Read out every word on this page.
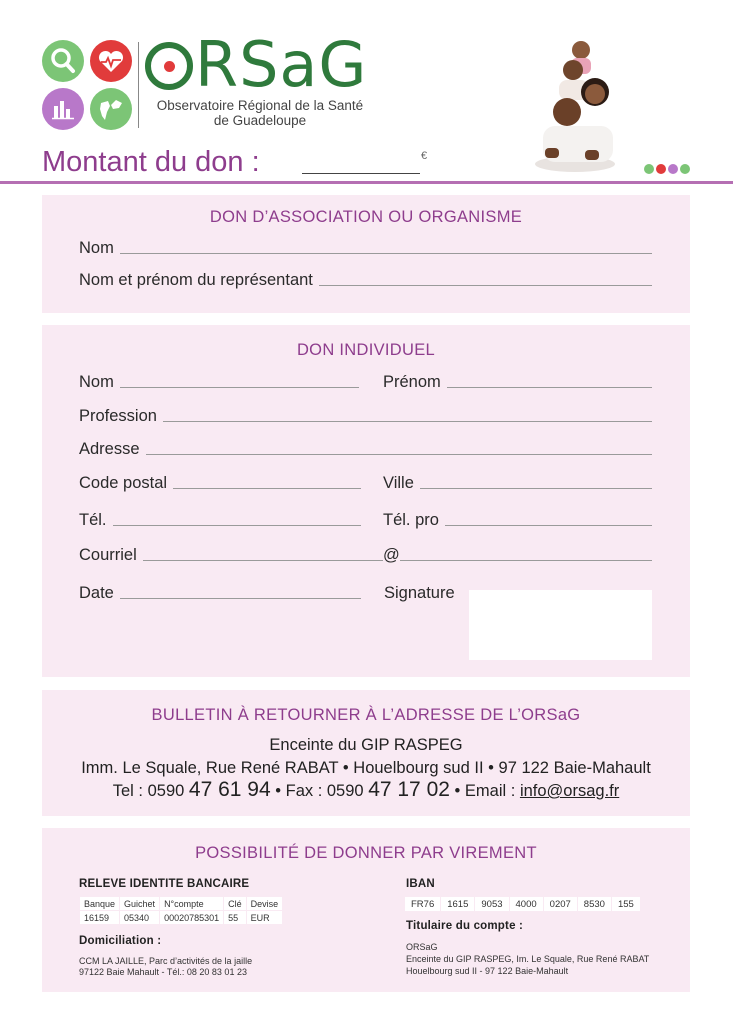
RSaG
Observatoire Régional de la Santé
de Guadeloupe
Montant du don :	€
DON D’ASSOCIATION OU ORGANISME
Nom
Nom et prénom du représentant
DON INDIVIDUEL
Nom	Prénom
Profession
Adresse
Code postal	Ville
Tél.	Tél. pro
Courriel	@
Date	Signature
BULLETIN À RETOURNER À L’ADRESSE DE L’ORSaG
Enceinte du GIP RASPEG
Imm. Le Squale, Rue René RABAT • Houelbourg sud II • 97 122 Baie-Mahault
Tel : 0590 47 61 94 • Fax : 0590 47 17 02 • Email : info@orsag.fr
POSSIBILITÉ DE DONNER PAR VIREMENT
RELEVE IDENTITE BANCAIRE
Banque	Guichet	N°compte	Clé	Devise
16159	05340	00020785301	55	EUR
Domiciliation :
CCM LA JAILLE, Parc d’activités de la jaille
97122 Baie Mahault - Tél.: 08 20 83 01 23
IBAN
FR76	1615	9053	4000	0207	8530	155
Titulaire du compte :
ORSaG
Enceinte du GIP RASPEG, Im. Le Squale, Rue René RABAT
Houelbourg sud II - 97 122 Baie-Mahault
